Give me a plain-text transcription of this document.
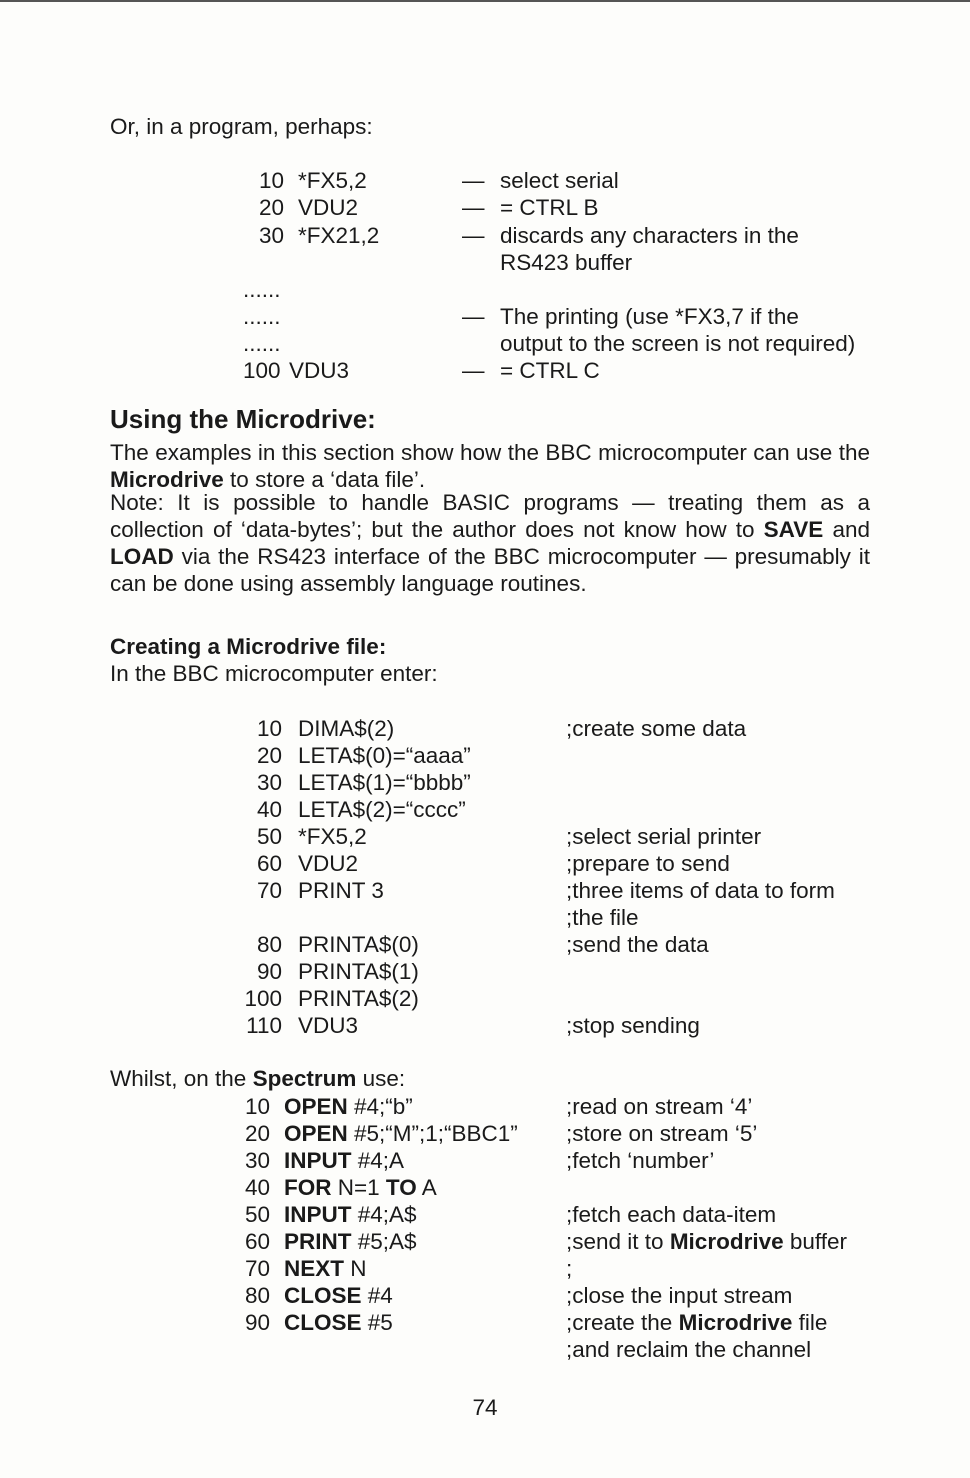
Or, in a program, perhaps:
10 *FX5,2	— select serial
20 VDU2	— = CTRL B
30 *FX21,2	— discards any characters in the
RS423 buffer
......
......	— The printing (use *FX3,7 if the
......	output to the screen is not required)
100 VDU3	— = CTRL C
Using the Microdrive:
The examples in this section show how the BBC microcomputer can use the Microdrive to store a ‘data file’.
Note: It is possible to handle BASIC programs — treating them as a collection of ‘data-bytes’; but the author does not know how to SAVE and LOAD via the RS423 interface of the BBC microcomputer — presumably it can be done using assembly language routines.
Creating a Microdrive file:
In the BBC microcomputer enter:
10 DIMA$(2)	;create some data
20 LETA$(0)=“aaaa”
30 LETA$(1)=“bbbb”
40 LETA$(2)=“cccc”
50 *FX5,2	;select serial printer
60 VDU2	;prepare to send
70 PRINT 3	;three items of data to form
;the file
80 PRINTA$(0)	;send the data
90 PRINTA$(1)
100 PRINTA$(2)
110 VDU3	;stop sending
Whilst, on the Spectrum use:
10 OPEN #4;“b”	;read on stream ‘4’
20 OPEN #5;“M”;1;“BBC1” ;store on stream ‘5’
30 INPUT #4;A	;fetch ‘number’
40 FOR N=1 TO A
50 INPUT #4;A$	;fetch each data-item
60 PRINT #5;A$	;send it to Microdrive buffer
70 NEXT N	;
80 CLOSE #4	;close the input stream
90 CLOSE #5	;create the Microdrive file
;and reclaim the channel
74
